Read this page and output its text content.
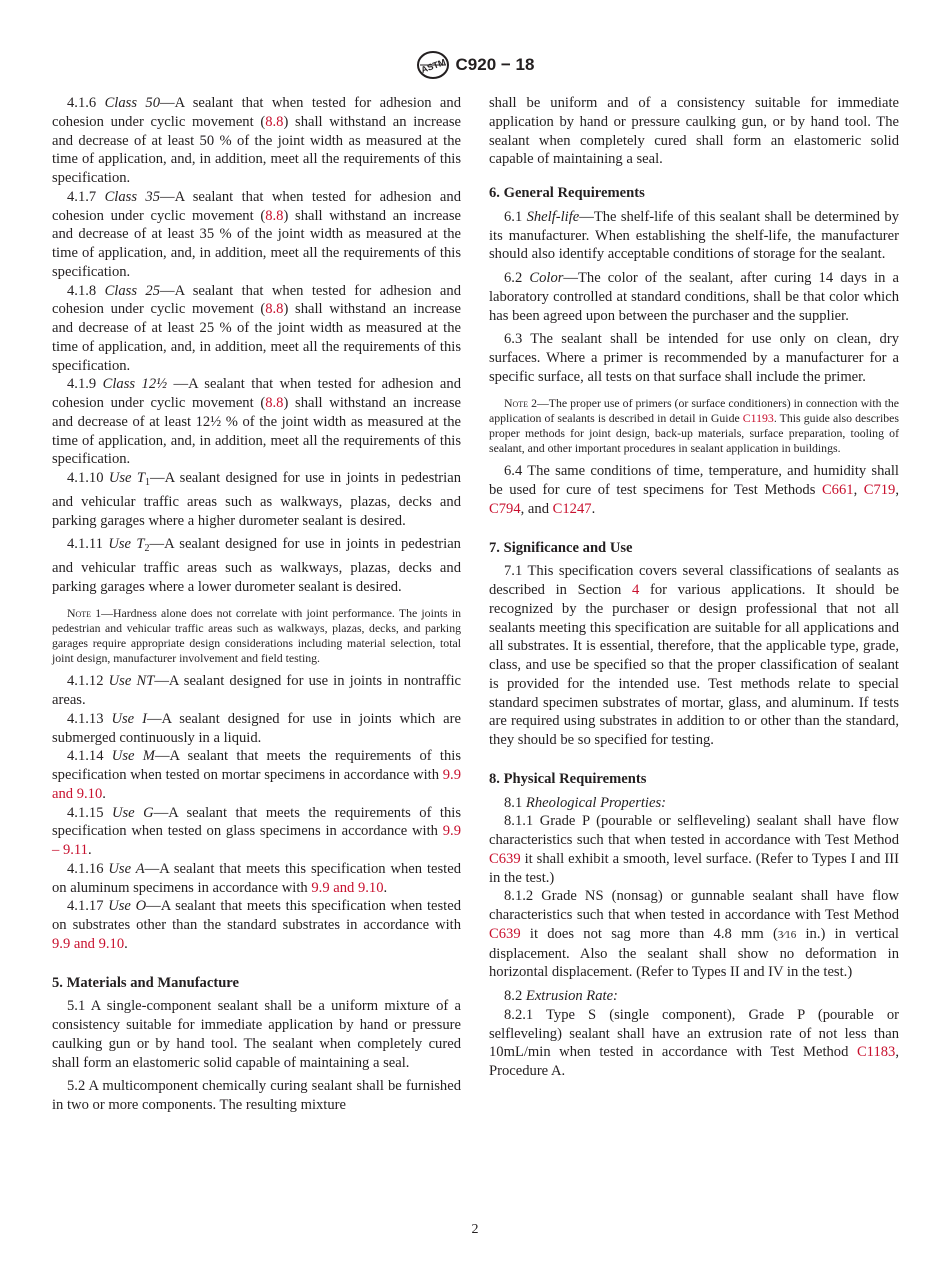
ASTM C920 − 18

4.1.6 Class 50—A sealant that when tested for adhesion and cohesion under cyclic movement (8.8) shall withstand an increase and decrease of at least 50 % of the joint width as measured at the time of application, and, in addition, meet all the requirements of this specification.

4.1.7 Class 35—A sealant that when tested for adhesion and cohesion under cyclic movement (8.8) shall withstand an increase and decrease of at least 35 % of the joint width as measured at the time of application, and, in addition, meet all the requirements of this specification.

4.1.8 Class 25—A sealant that when tested for adhesion and cohesion under cyclic movement (8.8) shall withstand an increase and decrease of at least 25 % of the joint width as measured at the time of application, and, in addition, meet all the requirements of this specification.

4.1.9 Class 12½ —A sealant that when tested for adhesion and cohesion under cyclic movement (8.8) shall withstand an increase and decrease of at least 12½ % of the joint width as measured at the time of application, and, in addition, meet all the requirements of this specification.

4.1.10 Use $T_1—A$ sealant designed for use in joints in pedestrian and vehicular traffic areas such as walkways, plazas, decks and parking garages where a higher durometer sealant is desired.

4.1.11 Use $T_2—A$ sealant designed for use in joints in pedestrian and vehicular traffic areas such as walkways, plazas, decks and parking garages where a lower durometer sealant is desired.

Note 1—Hardness alone does not correlate with joint performance. The joints in pedestrian and vehicular traffic areas such as walkways, plazas, decks, and parking garages require appropriate design considerations including material selection, total joint design, manufacturer involvement and field testing.

4.1.12 Use NT—A sealant designed for use in joints in nontraffic areas.

4.1.13 Use I—A sealant designed for use in joints which are submerged continuously in a liquid.

4.1.14 Use M—A sealant that meets the requirements of this specification when tested on mortar specimens in accordance with 9.9 and 9.10.

4.1.15 Use G—A sealant that meets the requirements of this specification when tested on glass specimens in accordance with 9.9 – 9.11.

4.1.16 Use A—A sealant that meets this specification when tested on aluminum specimens in accordance with 9.9 and 9.10.

4.1.17 Use O—A sealant that meets this specification when tested on substrates other than the standard substrates in accordance with 9.9 and 9.10.

5. Materials and Manufacture

5.1 A single-component sealant shall be a uniform mixture of a consistency suitable for immediate application by hand or pressure caulking gun or by hand tool. The sealant when completely cured shall form an elastomeric solid capable of maintaining a seal.

5.2 A multicomponent chemically curing sealant shall be furnished in two or more components. The resulting mixture

shall be uniform and of a consistency suitable for immediate application by hand or pressure caulking gun, or by hand tool. The sealant when completely cured shall form an elastomeric solid capable of maintaining a seal.

6. General Requirements

6.1 Shelf-life—The shelf-life of this sealant shall be determined by its manufacturer. When establishing the shelf-life, the manufacturer should also identify acceptable conditions of storage for the sealant.

6.2 Color—The color of the sealant, after curing 14 days in a laboratory controlled at standard conditions, shall be that color which has been agreed upon between the purchaser and the supplier.

6.3 The sealant shall be intended for use only on clean, dry surfaces. Where a primer is recommended by a manufacturer for a specific surface, all tests on that surface shall include the primer.

Note 2—The proper use of primers (or surface conditioners) in connection with the application of sealants is described in detail in Guide C1193. This guide also describes proper methods for joint design, back-up materials, surface preparation, tooling of sealant, and other important procedures in sealant application in buildings.

6.4 The same conditions of time, temperature, and humidity shall be used for cure of test specimens for Test Methods C661, C719, C794, and C1247.

7. Significance and Use

7.1 This specification covers several classifications of sealants as described in Section 4 for various applications. It should be recognized by the purchaser or design professional that not all sealants meeting this specification are suitable for all applications and all substrates. It is essential, therefore, that the applicable type, grade, class, and use be specified so that the proper classification of sealant is provided for the intended use. Test methods relate to special standard specimen substrates of mortar, glass, and aluminum. If tests are required using substrates in addition to or other than the standard, they should be so specified for testing.

8. Physical Requirements

8.1 Rheological Properties:

8.1.1 Grade P (pourable or selfleveling) sealant shall have flow characteristics such that when tested in accordance with Test Method C639 it shall exhibit a smooth, level surface. (Refer to Types I and III in the test.)

8.1.2 Grade NS (nonsag) or gunnable sealant shall have flow characteristics such that when tested in accordance with Test Method C639 it does not sag more than 4.8 mm (3⁄16 in.) in vertical displacement. Also the sealant shall show no deformation in horizontal displacement. (Refer to Types II and IV in the test.)

8.2 Extrusion Rate:

8.2.1 Type S (single component), Grade P (pourable or selfleveling) sealant shall have an extrusion rate of not less than 10mL/min when tested in accordance with Test Method C1183, Procedure A.

2
